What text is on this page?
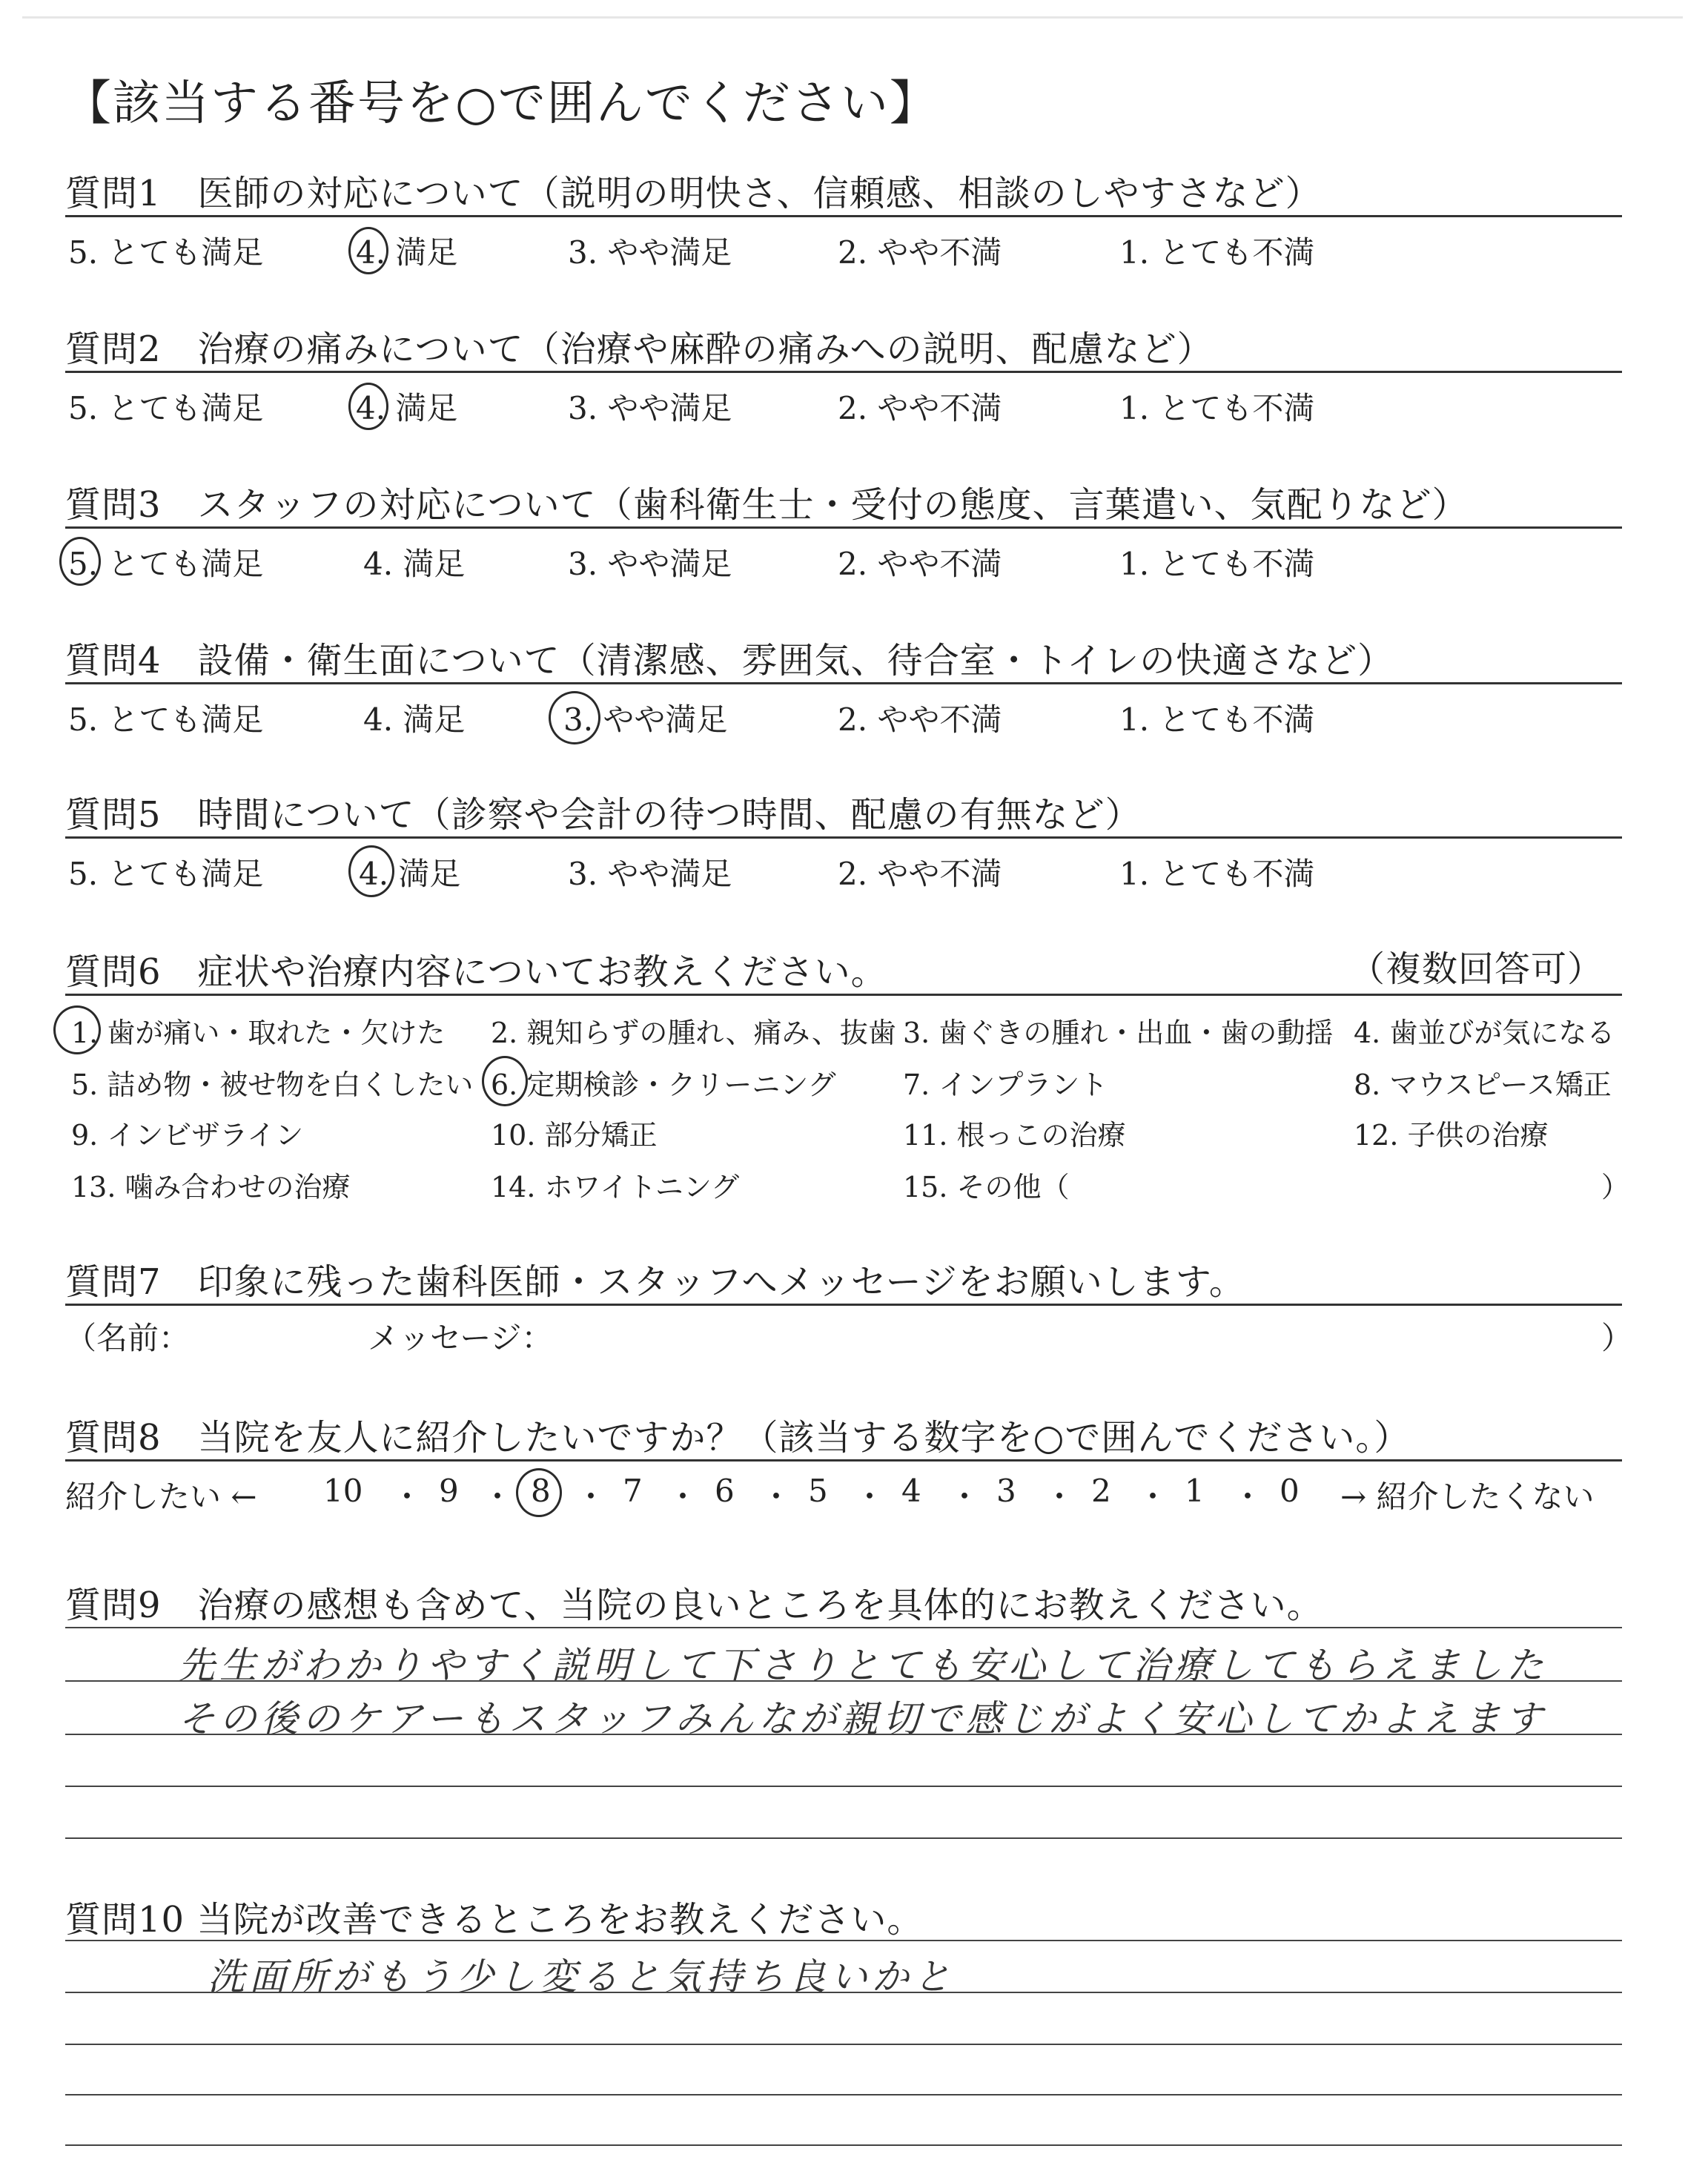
【該当する番号を○で囲んでください】
質問1　医師の対応について（説明の明快さ、信頼感、相談のしやすさなど）
5. とても満足	4. 満足	3. やや満足	2. やや不満	1. とても不満
質問2　治療の痛みについて（治療や麻酔の痛みへの説明、配慮など）
5. とても満足	4. 満足	3. やや満足	2. やや不満	1. とても不満
質問3　スタッフの対応について（歯科衛生士・受付の態度、言葉遣い、気配りなど）
5. とても満足	4. 満足	3. やや満足	2. やや不満	1. とても不満
質問4　設備・衛生面について（清潔感、雰囲気、待合室・トイレの快適さなど）
5. とても満足	4. 満足	3. やや満足	2. やや不満	1. とても不満
質問5　時間について（診察や会計の待つ時間、配慮の有無など）
5. とても満足	4. 満足	3. やや満足	2. やや不満	1. とても不満
質問6　症状や治療内容についてお教えください。	（複数回答可）
1. 歯が痛い・取れた・欠けた 2. 親知らずの腫れ、痛み、抜歯 3. 歯ぐきの腫れ・出血・歯の動揺 4. 歯並びが気になる
5. 詰め物・被せ物を白くしたい 6. 定期検診・クリーニング 7. インプラント	8. マウスピース矯正
9. インビザライン	10. 部分矯正	11. 根っこの治療	12. 子供の治療
13. 噛み合わせの治療	14. ホワイトニング	15. その他（	）
質問7　印象に残った歯科医師・スタッフへメッセージをお願いします。
（名前：	メッセージ：	）
質問8　当院を友人に紹介したいですか？（該当する数字を○で囲んでください。）
紹介したい ← 10 ・ 9 ・ 8 ・ 7 ・ 6 ・ 5 ・ 4 ・ 3 ・ 2 ・ 1 ・ 0 → 紹介したくない
質問9　治療の感想も含めて、当院の良いところを具体的にお教えください。
先生がわかりやすく説明して下さりとても安心して治療してもらえました
その後のケアーもスタッフみんなが親切で感じがよく安心してかよえます
質問10 当院が改善できるところをお教えください。
洗面所がもう少し変ると気持ち良いかと
